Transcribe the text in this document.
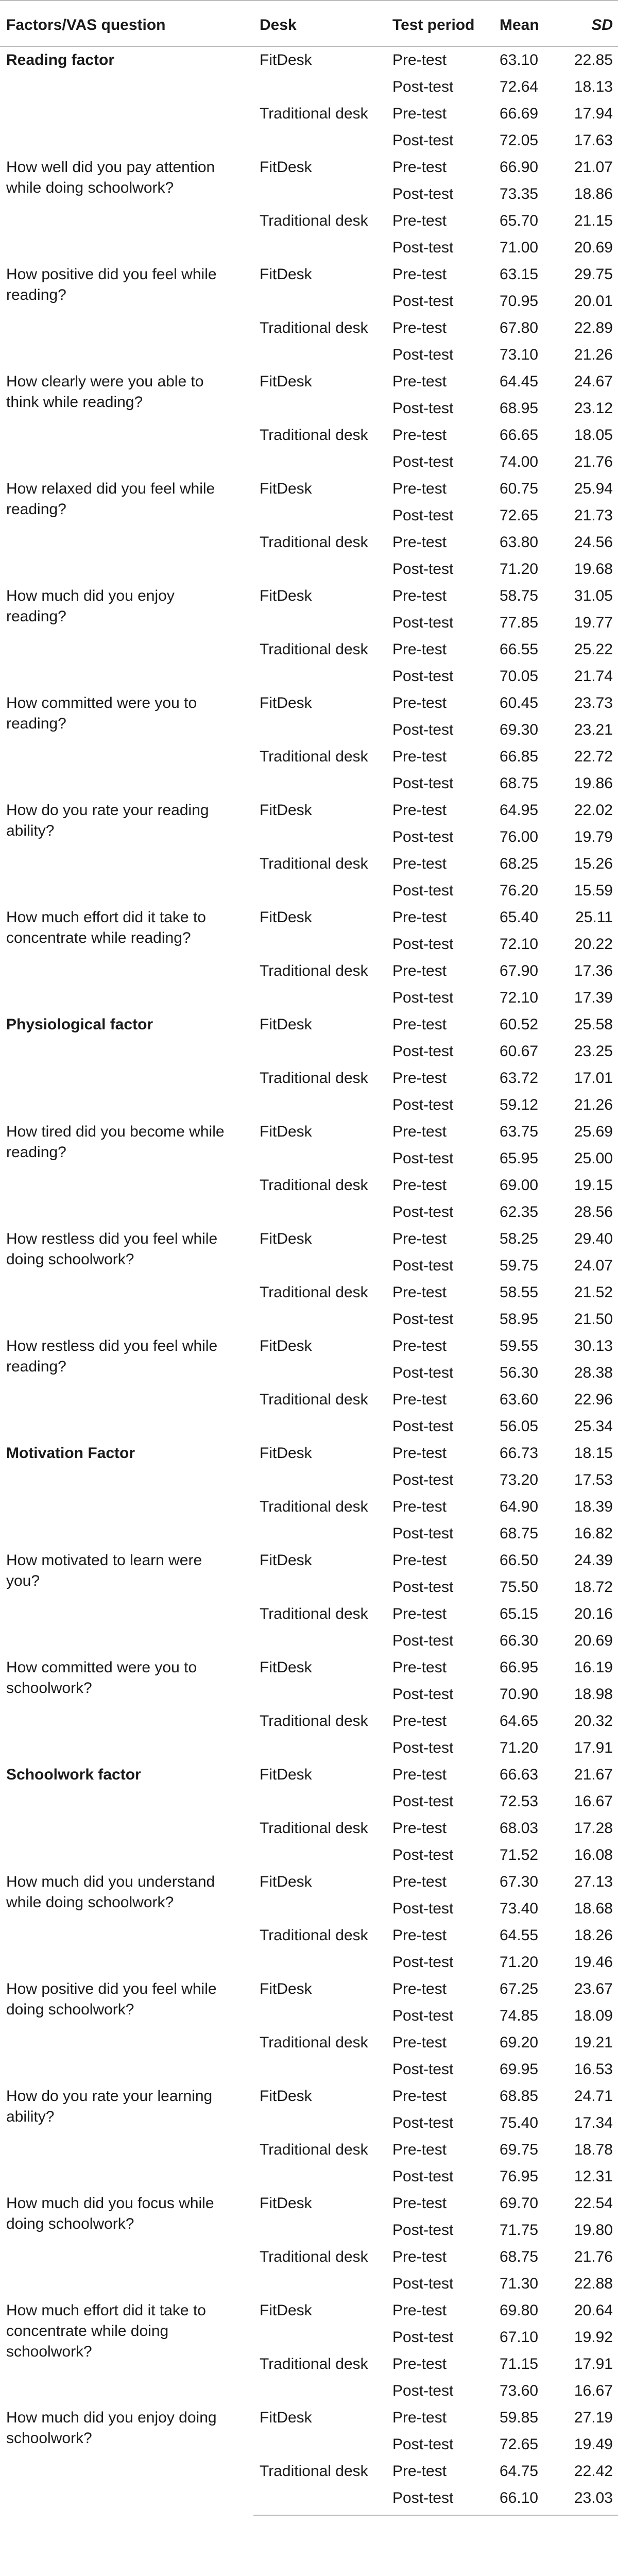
Factors/VAS question	Desk	Test period	Mean	SD
Reading factor	FitDesk	Pre-test	63.10	22.85
		Post-test	72.64	18.13
	Traditional desk	Pre-test	66.69	17.94
		Post-test	72.05	17.63
How well did you pay attention while doing schoolwork?	FitDesk	Pre-test	66.90	21.07
		Post-test	73.35	18.86
	Traditional desk	Pre-test	65.70	21.15
		Post-test	71.00	20.69
How positive did you feel while reading?	FitDesk	Pre-test	63.15	29.75
		Post-test	70.95	20.01
	Traditional desk	Pre-test	67.80	22.89
		Post-test	73.10	21.26
How clearly were you able to think while reading?	FitDesk	Pre-test	64.45	24.67
		Post-test	68.95	23.12
	Traditional desk	Pre-test	66.65	18.05
		Post-test	74.00	21.76
How relaxed did you feel while reading?	FitDesk	Pre-test	60.75	25.94
		Post-test	72.65	21.73
	Traditional desk	Pre-test	63.80	24.56
		Post-test	71.20	19.68
How much did you enjoy reading?	FitDesk	Pre-test	58.75	31.05
		Post-test	77.85	19.77
	Traditional desk	Pre-test	66.55	25.22
		Post-test	70.05	21.74
How committed were you to reading?	FitDesk	Pre-test	60.45	23.73
		Post-test	69.30	23.21
	Traditional desk	Pre-test	66.85	22.72
		Post-test	68.75	19.86
How do you rate your reading ability?	FitDesk	Pre-test	64.95	22.02
		Post-test	76.00	19.79
	Traditional desk	Pre-test	68.25	15.26
		Post-test	76.20	15.59
How much effort did it take to concentrate while reading?	FitDesk	Pre-test	65.40	25.11
		Post-test	72.10	20.22
	Traditional desk	Pre-test	67.90	17.36
		Post-test	72.10	17.39
Physiological factor	FitDesk	Pre-test	60.52	25.58
		Post-test	60.67	23.25
	Traditional desk	Pre-test	63.72	17.01
		Post-test	59.12	21.26
How tired did you become while reading?	FitDesk	Pre-test	63.75	25.69
		Post-test	65.95	25.00
	Traditional desk	Pre-test	69.00	19.15
		Post-test	62.35	28.56
How restless did you feel while doing schoolwork?	FitDesk	Pre-test	58.25	29.40
		Post-test	59.75	24.07
	Traditional desk	Pre-test	58.55	21.52
		Post-test	58.95	21.50
How restless did you feel while reading?	FitDesk	Pre-test	59.55	30.13
		Post-test	56.30	28.38
	Traditional desk	Pre-test	63.60	22.96
		Post-test	56.05	25.34
Motivation Factor	FitDesk	Pre-test	66.73	18.15
		Post-test	73.20	17.53
	Traditional desk	Pre-test	64.90	18.39
		Post-test	68.75	16.82
How motivated to learn were you?	FitDesk	Pre-test	66.50	24.39
		Post-test	75.50	18.72
	Traditional desk	Pre-test	65.15	20.16
		Post-test	66.30	20.69
How committed were you to schoolwork?	FitDesk	Pre-test	66.95	16.19
		Post-test	70.90	18.98
	Traditional desk	Pre-test	64.65	20.32
		Post-test	71.20	17.91
Schoolwork factor	FitDesk	Pre-test	66.63	21.67
		Post-test	72.53	16.67
	Traditional desk	Pre-test	68.03	17.28
		Post-test	71.52	16.08
How much did you understand while doing schoolwork?	FitDesk	Pre-test	67.30	27.13
		Post-test	73.40	18.68
	Traditional desk	Pre-test	64.55	18.26
		Post-test	71.20	19.46
How positive did you feel while doing schoolwork?	FitDesk	Pre-test	67.25	23.67
		Post-test	74.85	18.09
	Traditional desk	Pre-test	69.20	19.21
		Post-test	69.95	16.53
How do you rate your learning ability?	FitDesk	Pre-test	68.85	24.71
		Post-test	75.40	17.34
	Traditional desk	Pre-test	69.75	18.78
		Post-test	76.95	12.31
How much did you focus while doing schoolwork?	FitDesk	Pre-test	69.70	22.54
		Post-test	71.75	19.80
	Traditional desk	Pre-test	68.75	21.76
		Post-test	71.30	22.88
How much effort did it take to concentrate while doing schoolwork?	FitDesk	Pre-test	69.80	20.64
		Post-test	67.10	19.92
	Traditional desk	Pre-test	71.15	17.91
		Post-test	73.60	16.67
How much did you enjoy doing schoolwork?	FitDesk	Pre-test	59.85	27.19
		Post-test	72.65	19.49
	Traditional desk	Pre-test	64.75	22.42
		Post-test	66.10	23.03
